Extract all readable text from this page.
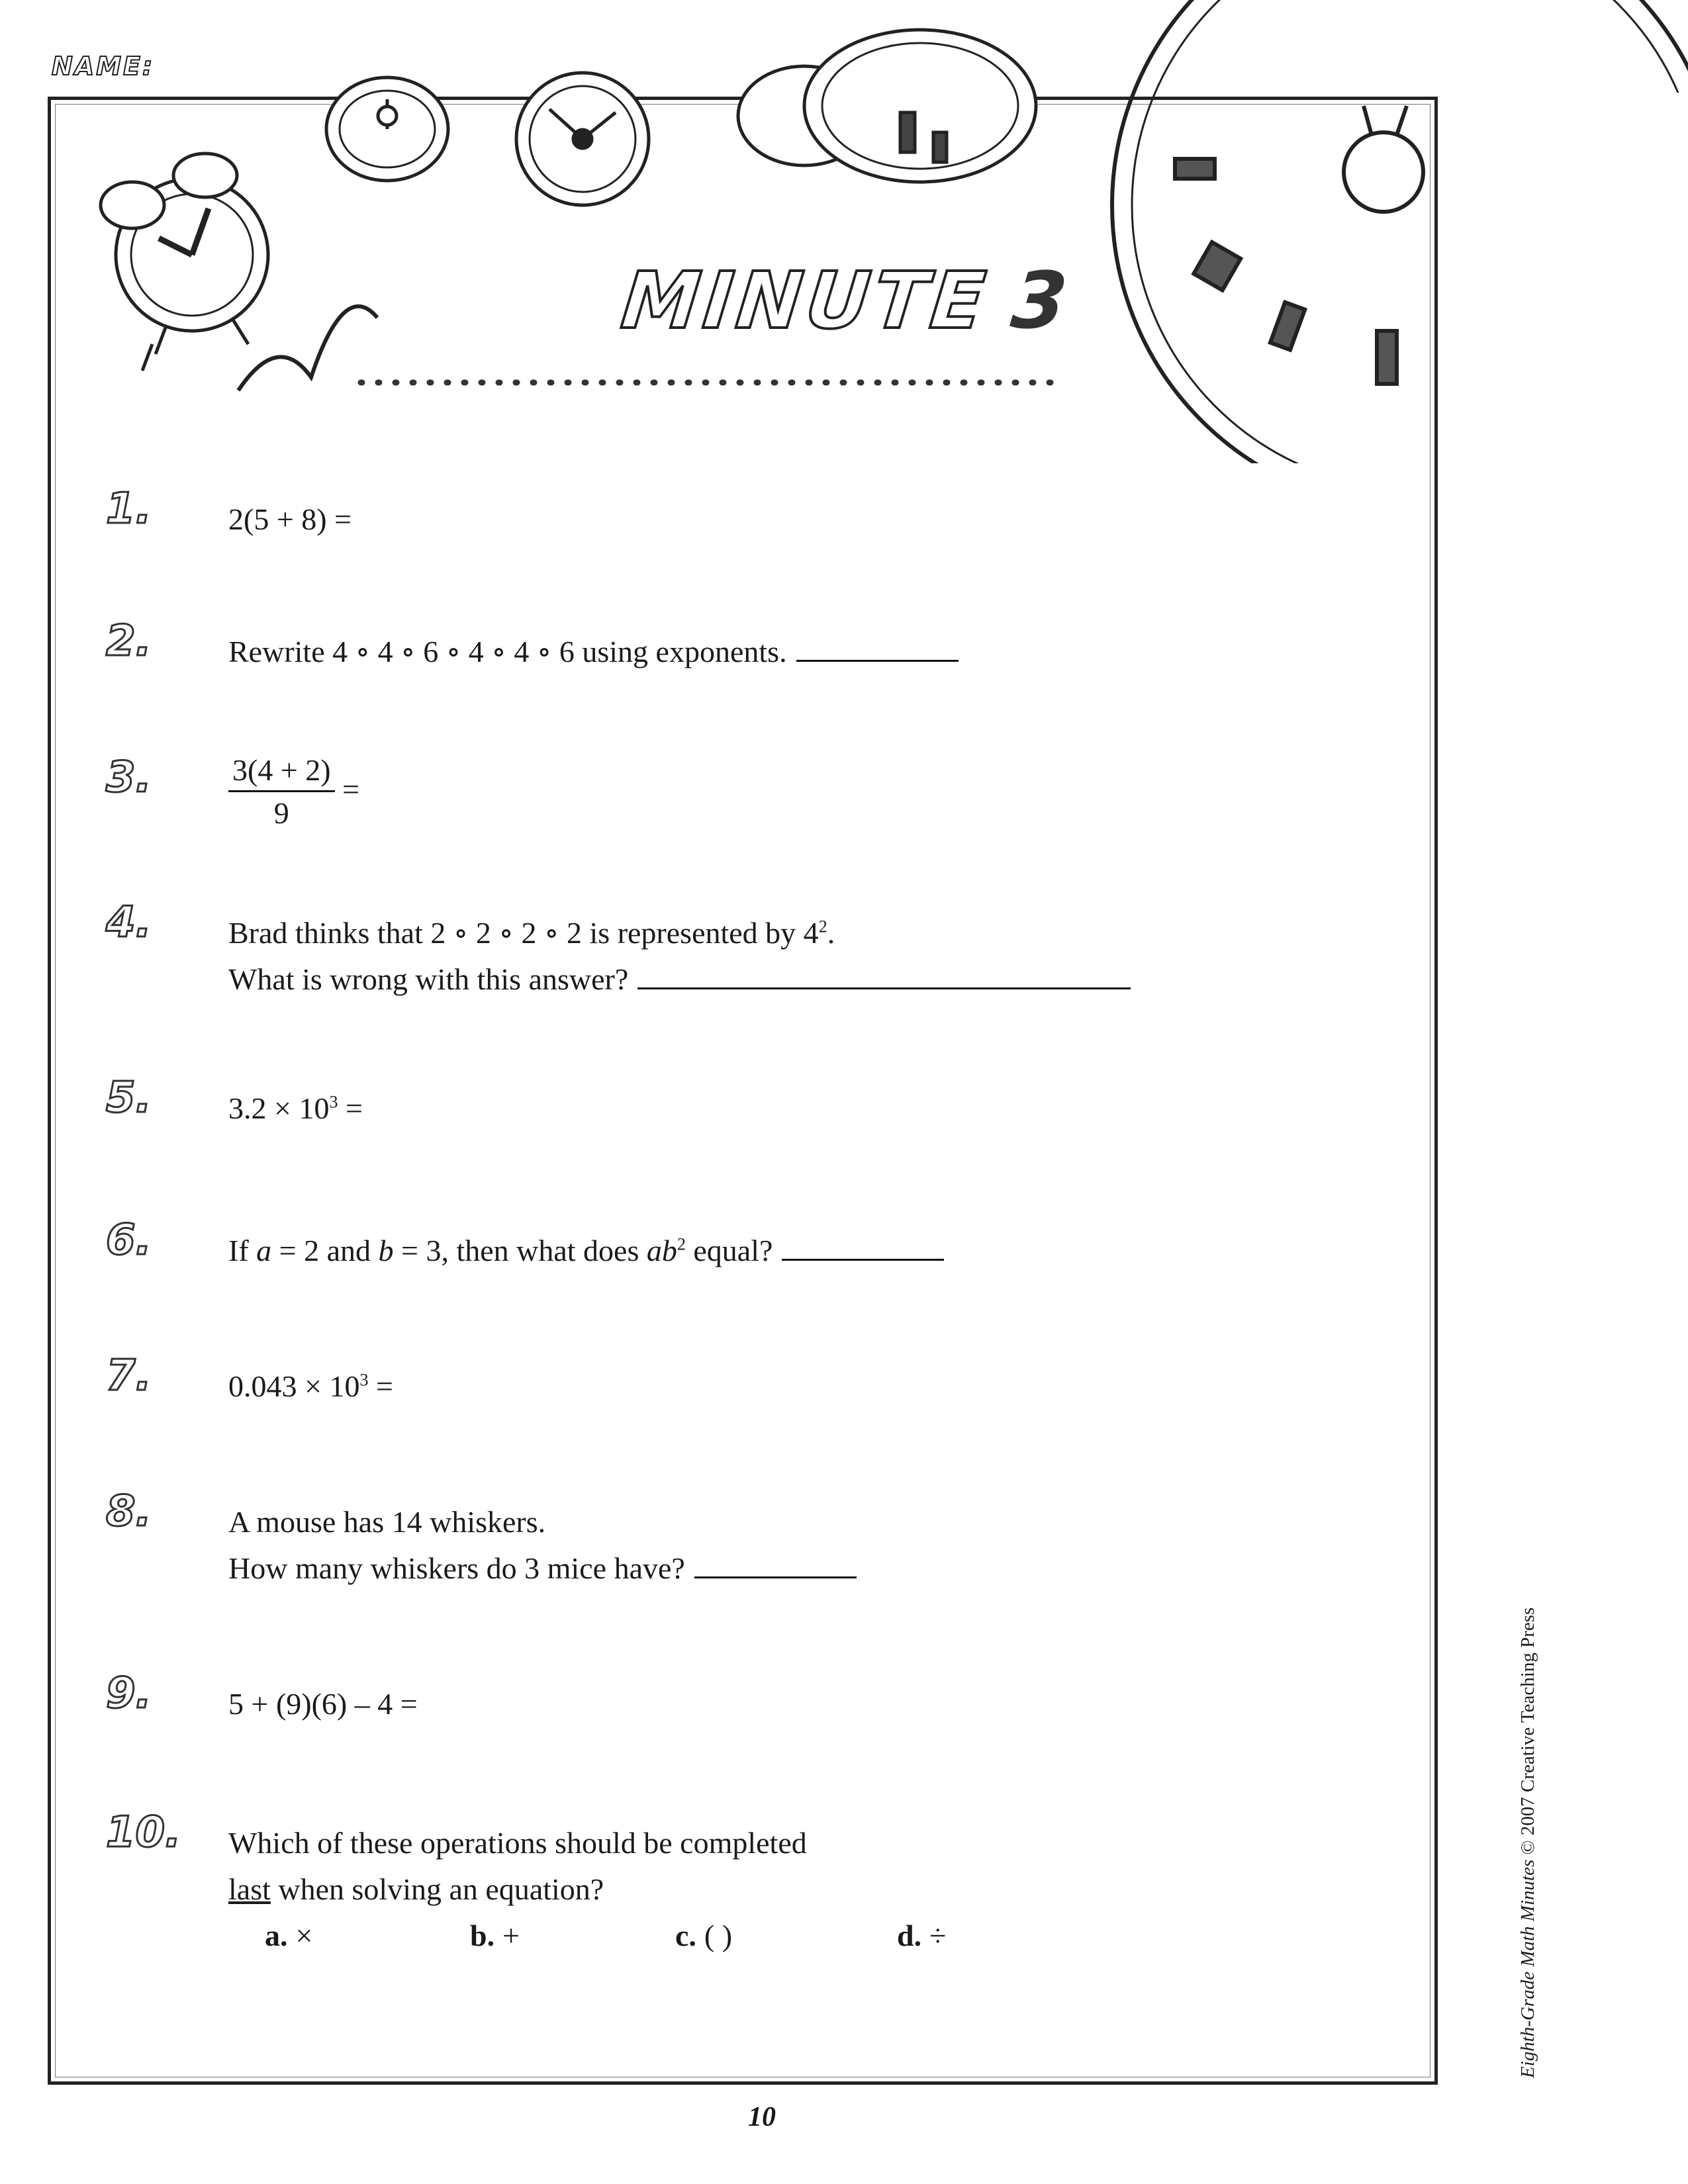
NAME:
MINUTE 3
1.	2(5 + 8) =
2.	Rewrite 4 ∘ 4 ∘ 6 ∘ 4 ∘ 4 ∘ 6 using exponents.
3.	$\frac{3(4 + 2)}{9}$ =
4.	Brad thinks that 2 ∘ 2 ∘ 2 ∘ 2 is represented by $4^2$.
What is wrong with this answer?
5.	$3.2 \times 10^3$ =
6.	If a = 2 and b = 3, then what does $ab^2$ equal?
7.	$0.043 \times 10^3$ =
8.	A mouse has 14 whiskers.
How many whiskers do 3 mice have?
9.	5 + (9)(6) – 4 =
10.	Which of these operations should be completed
last when solving an equation?
a. ×	b. +	c. ( )	d. ÷
10
Eighth-Grade Math Minutes © 2007 Creative Teaching Press
